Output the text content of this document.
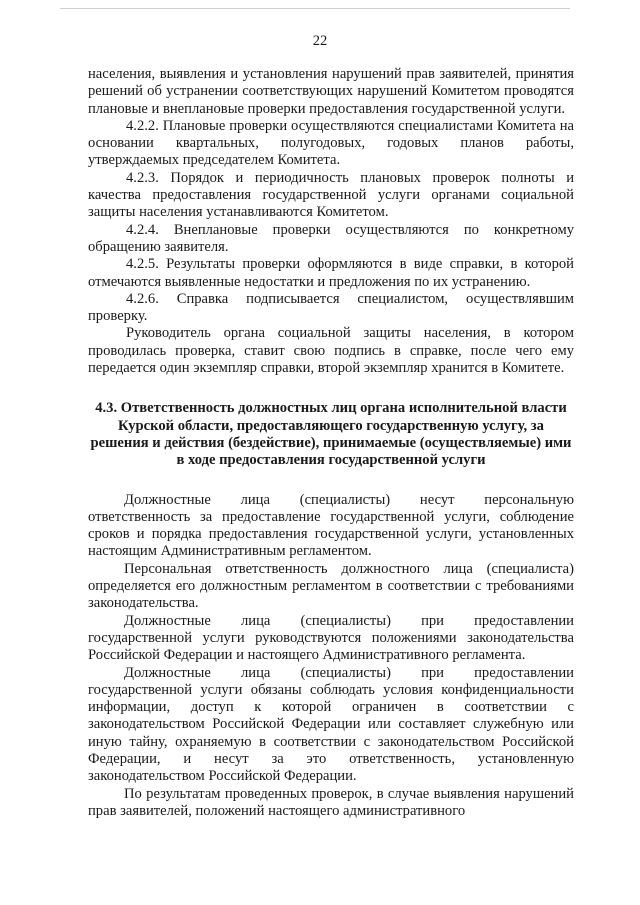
22

населения, выявления и установления нарушений прав заявителей, принятия решений об устранении соответствующих нарушений Комитетом проводятся плановые и внеплановые проверки предоставления государственной услуги.

4.2.2. Плановые проверки осуществляются специалистами Комитета на основании квартальных, полугодовых, годовых планов работы, утверждаемых председателем Комитета.

4.2.3. Порядок и периодичность плановых проверок полноты и качества предоставления государственной услуги органами социальной защиты населения устанавливаются Комитетом.

4.2.4. Внеплановые проверки осуществляются по конкретному обращению заявителя.

4.2.5. Результаты проверки оформляются в виде справки, в которой отмечаются выявленные недостатки и предложения по их устранению.

4.2.6. Справка подписывается специалистом, осуществлявшим проверку.

Руководитель органа социальной защиты населения, в котором проводилась проверка, ставит свою подпись в справке, после чего ему передается один экземпляр справки, второй экземпляр хранится в Комитете.

4.3. Ответственность должностных лиц органа исполнительной власти Курской области, предоставляющего государственную услугу, за решения и действия (бездействие), принимаемые (осуществляемые) ими в ходе предоставления государственной услуги

Должностные лица (специалисты) несут персональную ответственность за предоставление государственной услуги, соблюдение сроков и порядка предоставления государственной услуги, установленных настоящим Административным регламентом.

Персональная ответственность должностного лица (специалиста) определяется его должностным регламентом в соответствии с требованиями законодательства.

Должностные лица (специалисты) при предоставлении государственной услуги руководствуются положениями законодательства Российской Федерации и настоящего Административного регламента.

Должностные лица (специалисты) при предоставлении государственной услуги обязаны соблюдать условия конфиденциальности информации, доступ к которой ограничен в соответствии с законодательством Российской Федерации или составляет служебную или иную тайну, охраняемую в соответствии с законодательством Российской Федерации, и несут за это ответственность, установленную законодательством Российской Федерации.

По результатам проведенных проверок, в случае выявления нарушений прав заявителей, положений настоящего административного
